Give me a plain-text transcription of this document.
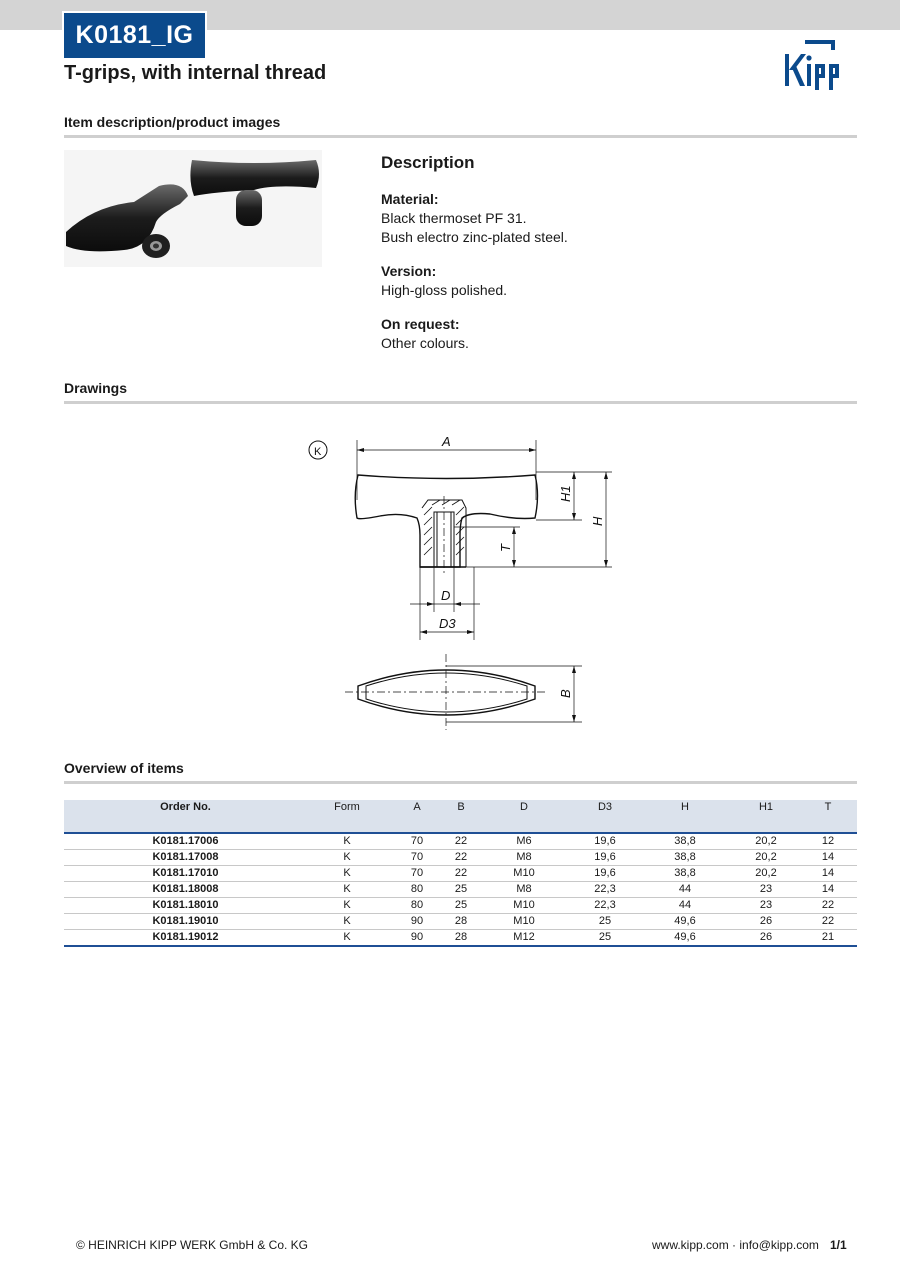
K0181_IG
T-grips, with internal thread
Item description/product images
Description
Material:
Black thermoset PF 31.
Bush electro zinc-plated steel.
Version:
High-gloss polished.
On request:
Other colours.
Drawings
K
A
H1
H
T
D
D3
B
Overview of items
Order No.	Form	A	B	D	D3	H	H1	T
K0181.17006	K	70	22	M6	19,6	38,8	20,2	12
K0181.17008	K	70	22	M8	19,6	38,8	20,2	14
K0181.17010	K	70	22	M10	19,6	38,8	20,2	14
K0181.18008	K	80	25	M8	22,3	44	23	14
K0181.18010	K	80	25	M10	22,3	44	23	22
K0181.19010	K	90	28	M10	25	49,6	26	22
K0181.19012	K	90	28	M12	25	49,6	26	21
© HEINRICH KIPP WERK GmbH & Co. KG	www.kipp.com · info@kipp.com 1/1
